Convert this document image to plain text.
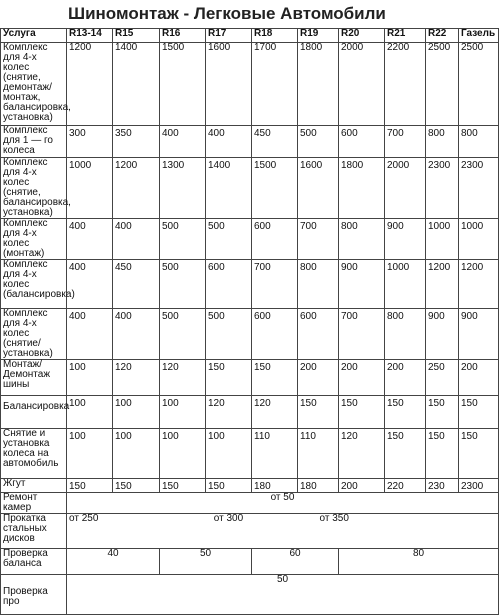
Шиномонтаж - Легковые Автомобили
Услуга	R13-14	R15	R16	R17	R18	R19	R20	R21	R22	Газель
Комплекс для 4-х колес (снятие, демонтаж/монтаж, балансировка, установка)	1200	1400	1500	1600	1700	1800	2000	2200	2500	2500
Комплекс для 1 — го колеса	300	350	400	400	450	500	600	700	800	800
Комплекс для 4-х колес (снятие, балансировка, установка)	1000	1200	1300	1400	1500	1600	1800	2000	2300	2300
Комплекс для 4-х колес (монтаж)	400	400	500	500	600	700	800	900	1000	1000
Комплекс для 4-х колес (балансировка)	400	450	500	600	700	800	900	1000	1200	1200
Комплекс для 4-х колес (снятие/установка)	400	400	500	500	600	600	700	800	900	900
Монтаж/Демонтаж шины	100	120	120	150	150	200	200	200	250	200
Балансировка	100	100	100	120	120	150	150	150	150	150
Снятие и установка колеса на автомобиль	100	100	100	100	110	110	120	150	150	150
Жгут	150	150	150	150	180	180	200	220	230	2300
Ремонт камер	от 50									
Прокатка стальных дисков	от 250		от 300			от 350				
Проверка баланса	40		50		60		80			
Проверка про	50									
